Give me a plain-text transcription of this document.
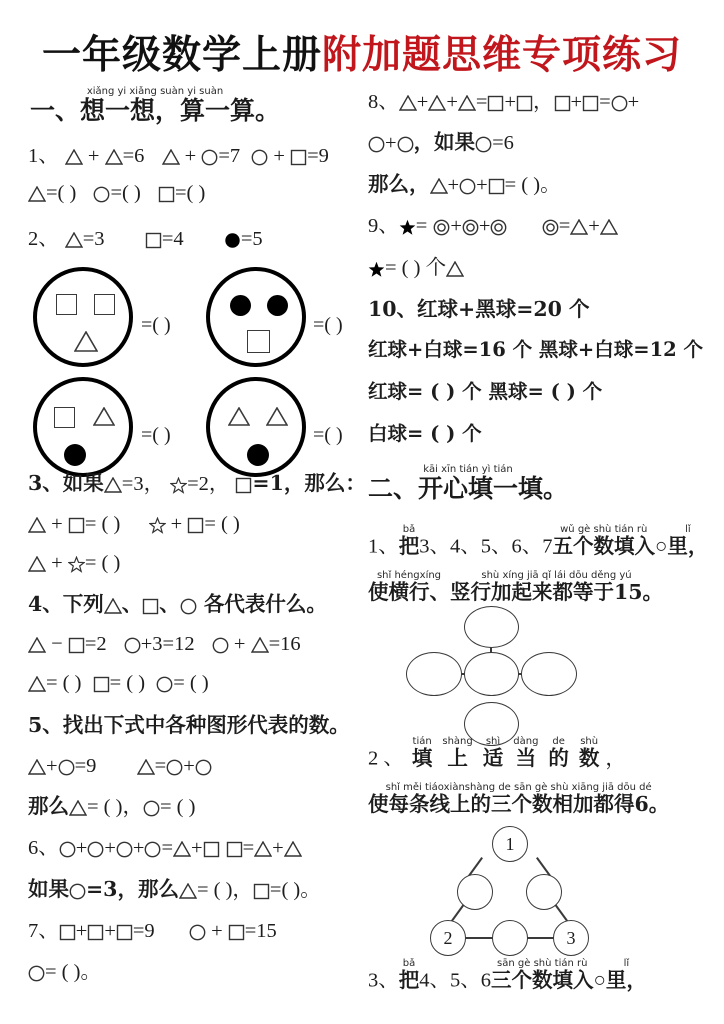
一年级数学上册附加题思维专项练习
xiǎng yi xiǎng suàn yi suàn
一、想一想，算一算。
1、 + =6  + =7  + =9
=( ) =( ) =( )
2、 =3	=4	=5
=( )	=( )
=( )	=( )
3、如果 =3， =2， =1，那么：
+ = ( )   + = ( )
+ = ( )
4、下列 、 、 各代表什么。
− =2 +3=12  + =16
= ( ) = ( ) = ( )
5、找出下式中各种图形代表的数。
+ =9	= +
那么 = ( )， = ( )
6、 + + + = + = +
如果 =3，那么 = ( )， =( )。
7、 + + =9	+ =15
= ( )。
8、 + + = + ， + = +
+ ，如果 =6
那么， + + = ( )。
9、 = + +	= +
= ( ) 个
10、红球+黑球=20 个
红球+白球=16 个 黑球+白球=12 个
红球= ( ) 个 黑球= ( ) 个
白球= ( ) 个
kāi xīn tián yì tián
二、开心填一填。
1、
bǎ
把 3、4、5、6、7
wǔ gè shù tián rù
五个数填入 ○
lǐ
里，
shǐ héngxíng
使横行、
shù xíng jiā qǐ lái dōu děng yú
竖行加起来都等于15。
2 、
tián
填
shàng
上
shì
适
dàng
当
de
的
shù
数 ，
shǐ měi tiáoxiànshàng de sān gè shù xiāng jiā dōu dé
使每条线上的三个数相加都得6。
1
2	3
3、
bǎ
把 4、5、6
sān gè shù tián rù
三个数填入 ○
lǐ
里，
